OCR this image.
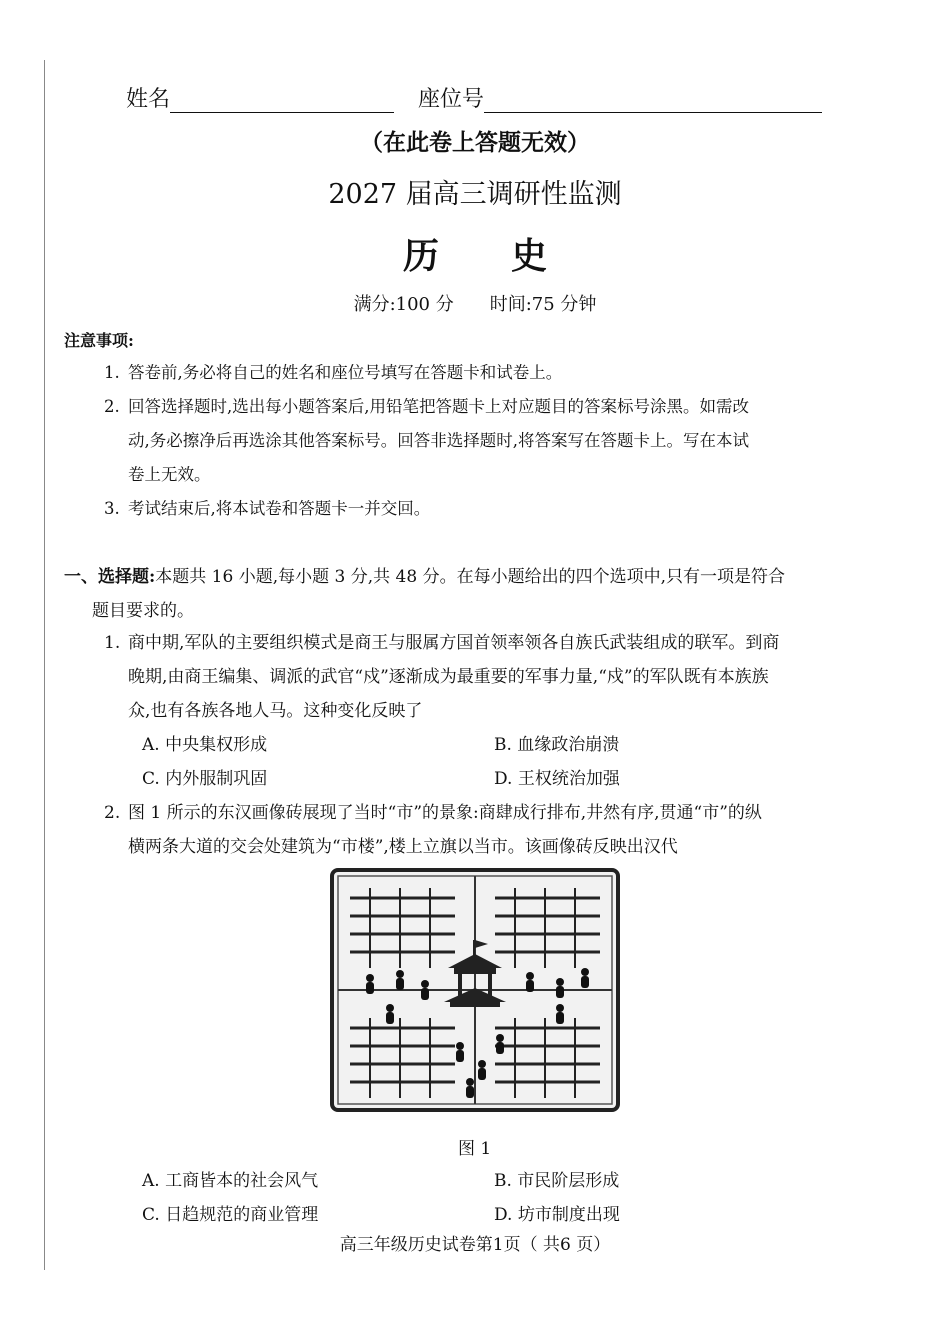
姓名	座位号
（在此卷上答题无效）
2027 届高三调研性监测
历　　史
满分:100 分　　时间:75 分钟
注意事项:
1. 答卷前,务必将自己的姓名和座位号填写在答题卡和试卷上。
2. 回答选择题时,选出每小题答案后,用铅笔把答题卡上对应题目的答案标号涂黑。如需改
动,务必擦净后再选涂其他答案标号。回答非选择题时,将答案写在答题卡上。写在本试
卷上无效。
3. 考试结束后,将本试卷和答题卡一并交回。
一、选择题:本题共 16 小题,每小题 3 分,共 48 分。在每小题给出的四个选项中,只有一项是符合
题目要求的。
1. 商中期,军队的主要组织模式是商王与服属方国首领率领各自族氏武装组成的联军。到商
晚期,由商王编集、调派的武官“戍”逐渐成为最重要的军事力量,“戍”的军队既有本族族
众,也有各族各地人马。这种变化反映了
A. 中央集权形成	B. 血缘政治崩溃
C. 内外服制巩固	D. 王权统治加强
2. 图 1 所示的东汉画像砖展现了当时“市”的景象:商肆成行排布,井然有序,贯通“市”的纵
横两条大道的交会处建筑为“市楼”,楼上立旗以当市。该画像砖反映出汉代
图 1
A. 工商皆本的社会风气	B. 市民阶层形成
C. 日趋规范的商业管理	D. 坊市制度出现
高三年级历史试卷第1页（ 共6 页）
